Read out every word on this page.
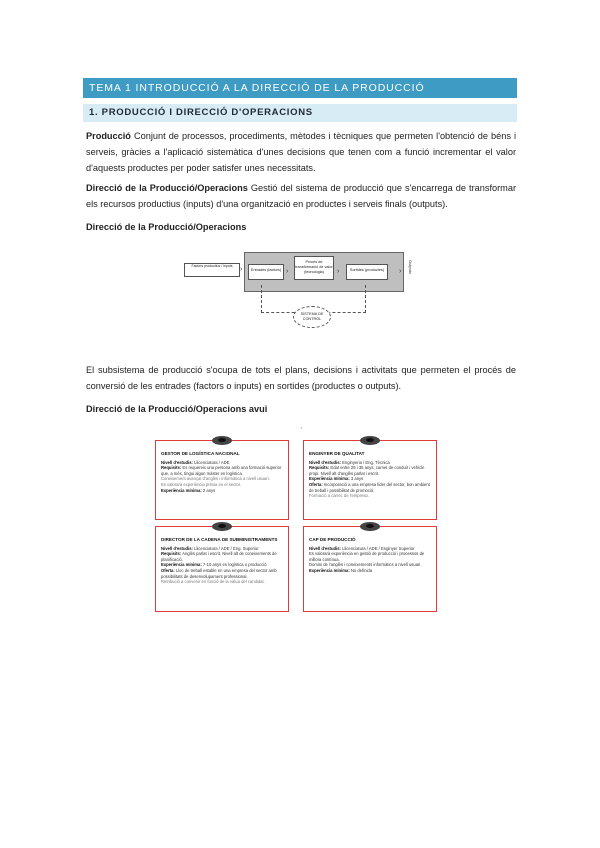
TEMA 1 INTRODUCCIÓ A LA DIRECCIÓ DE LA PRODUCCIÓ
1. PRODUCCIÓ I DIRECCIÓ D'OPERACIONS
Producció Conjunt de processos, procediments, mètodes i tècniques que permeten l'obtenció de béns i serveis, gràcies a l'aplicació sistemàtica d'unes decisions que tenen com a funció incrementar el valor d'aquests productes per poder satisfer unes necessitats.
Direcció de la Producció/Operacions Gestió del sistema de producció que s'encarrega de transformar els recursos productius (inputs) d'una organització en productes i serveis finals (outputs).
Direcció de la Producció/Operacions
Factors productius / inputs	›	Entrades (factors) ›
Procés de transformació de valor (tecnologia)	›	Sortides (productes)	› Outputs
SISTEMA DE CONTROL
El subsistema de producció s'ocupa de tots el plans, decisions i activitats que permeten el procés de conversió de les entrades (factors o inputs) en sortides (productes o outputs).
Direcció de la Producció/Operacions avui
'
GESTOR DE LOGÍSTICA NACIONAL
Nivell d'estudis: Llicenciatura / ADE
Requisits: Es requereix una persona amb una formació superior que, a més, tingui algun màster en logística.
Coneixement avançat d'anglès i informàtica a nivell usuari.
Es valorarà experiència prèvia en el sector.
Experiència mínima: 2 anys
ENGINYER DE QUALITAT
Nivell d'estudis: Enginyeria / Eng. Tècnica
Requisits: Edat entre 25 i 35 anys, carnet de conduir i vehicle propi. Nivell alt d'anglès parlat i escrit.
Experiència mínima: 3 anys
Oferta: Incorporació a una empresa líder del sector, bon ambient de treball i possibilitat de promoció.
Formació a càrrec de l'empresa.
DIRECTOR DE LA CADENA DE SUBMINISTRAMENTS
Nivell d'estudis: Llicenciatura / ADE / Eng. Superior
Requisits: Anglès parlat i escrit. Nivell alt de coneixements de planificació.
Experiència mínima: 7-10 anys en logística o producció
Oferta: Lloc de treball estable en una empresa del sector amb possibilitats de desenvolupament professional.
Retribució a convenir en funció de la vàlua del candidat.
CAP DE PRODUCCIÓ
Nivell d'estudis: Llicenciatura / ADE / Enginyer Superior
Es valorarà experiència en gestió de producció i processos de millora contínua.
Domini de l'anglès i coneixements informàtics a nivell usuari.
Experiència mínima: No definida
